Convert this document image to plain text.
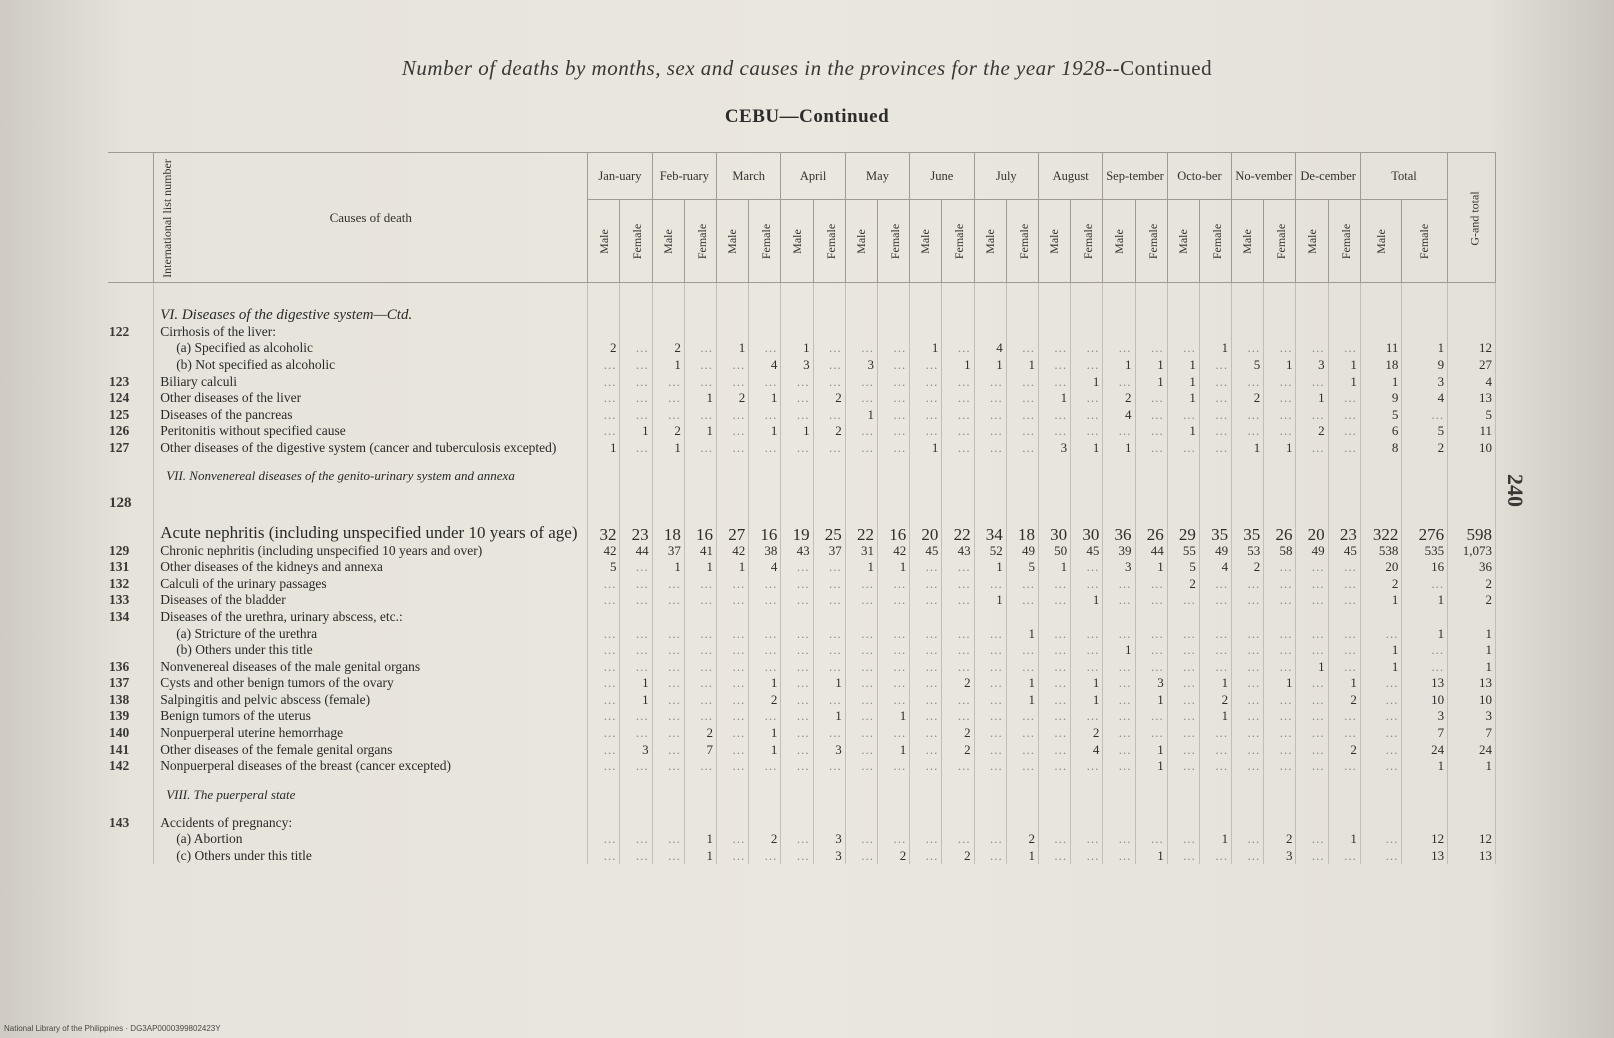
Number of deaths by months, sex and causes in the provinces for the year 1928--Continued
CEBU—Continued
International list number	Causes of death	Jan-uary		Feb-ruary		March		April		May		June		July		August		Sep-tember		Octo-ber		No-vember		De-cember		Total		G-and total
		Male	Female	Male	Female	Male	Female	Male	Female	Male	Female	Male	Female	Male	Female	Male	Female	Male	Female	Male	Female	Male	Female	Male	Female	Male	Female	
	VI. Diseases of the digestive system—Ctd.																											
122	Cirrhosis of the liver:																											
	(a) Specified as alcoholic	2	...	2	...	1	...	1	...	...	...	1	...	4	...	...	...	...	...	...	1	...	...	...	...	11	1	12
	(b) Not specified as alcoholic	...	...	1	...	...	4	3	...	3	...	...	1	1	1	...	...	1	1	1	...	5	1	3	1	18	9	27
123	Biliary calculi	...	...	...	...	...	...	...	...	...	...	...	...	...	...	...	1	...	1	1	...	...	...	...	1	1	3	4
124	Other diseases of the liver	...	...	...	1	2	1	...	2	...	...	...	...	...	...	1	...	2	...	1	...	2	...	1	...	9	4	13
125	Diseases of the pancreas	...	...	...	...	...	...	...	...	1	...	...	...	...	...	...	...	4	...	...	...	...	...	...	...	5	...	5
126	Peritonitis without specified cause	...	1	2	1	...	1	1	2	...	...	...	...	...	...	...	...	...	...	1	...	...	...	2	...	6	5	11
127	Other diseases of the digestive system (cancer and tuberculosis excepted)	1	...	1	...	...	...	...	...	...	...	1	...	...	...	3	1	1	...	...	...	1	1	...	...	8	2	10
	VII. Nonvenereal diseases of the genito-urinary system and annexa																											
128	Acute nephritis (including unspecified under 10 years of age)	32	23	18	16	27	16	19	25	22	16	20	22	34	18	30	30	36	26	29	35	35	26	20	23	322	276	598
129	Chronic nephritis (including unspecified 10 years and over)	42	44	37	41	42	38	43	37	31	42	45	43	52	49	50	45	39	44	55	49	53	58	49	45	538	535	1,073
131	Other diseases of the kidneys and annexa	5	...	1	1	1	4	...	...	1	1	...	...	1	5	1	...	3	1	5	4	2	...	...	...	20	16	36
132	Calculi of the urinary passages	...	...	...	...	...	...	...	...	...	...	...	...	...	...	...	...	...	...	2	...	...	...	...	...	2	...	2
133	Diseases of the bladder	...	...	...	...	...	...	...	...	...	...	...	...	1	...	...	1	...	...	...	...	...	...	...	...	1	1	2
134	Diseases of the urethra, urinary abscess, etc.:																											
	(a) Stricture of the urethra	...	...	...	...	...	...	...	...	...	...	...	...	...	1	...	...	...	...	...	...	...	...	...	...	...	1	1
	(b) Others under this title	...	...	...	...	...	...	...	...	...	...	...	...	...	...	...	...	1	...	...	...	...	...	...	...	1	...	1
136	Nonvenereal diseases of the male genital organs	...	...	...	...	...	...	...	...	...	...	...	...	...	...	...	...	...	...	...	...	...	...	1	...	1	...	1
137	Cysts and other benign tumors of the ovary	...	1	...	...	...	1	...	1	...	...	...	2	...	1	...	1	...	3	...	1	...	1	...	1	...	13	13
138	Salpingitis and pelvic abscess (female)	...	1	...	...	...	2	...	...	...	...	...	...	...	1	...	1	...	1	...	2	...	...	...	2	...	10	10
139	Benign tumors of the uterus	...	...	...	...	...	...	...	1	...	1	...	...	...	...	...	...	...	...	...	1	...	...	...	...	...	3	3
140	Nonpuerperal uterine hemorrhage	...	...	...	2	...	1	...	...	...	...	...	2	...	...	...	2	...	...	...	...	...	...	...	...	...	7	7
141	Other diseases of the female genital organs	...	3	...	7	...	1	...	3	...	1	...	2	...	...	...	4	...	1	...	...	...	...	...	2	...	24	24
142	Nonpuerperal diseases of the breast (cancer excepted)	...	...	...	...	...	...	...	...	...	...	...	...	...	...	...	...	...	1	...	...	...	...	...	...	...	1	1
	VIII. The puerperal state																											
143	Accidents of pregnancy:																											
	(a) Abortion	...	...	...	1	...	2	...	3	...	...	...	...	...	2	...	...	...	...	...	1	...	2	...	1	...	12	12
	(c) Others under this title	...	...	...	1	...	...	...	3	...	2	...	2	...	1	...	...	...	1	...	...	...	3	...	...	...	13	13
240
National Library of the Philippines · DG3AP0000399802423Y
